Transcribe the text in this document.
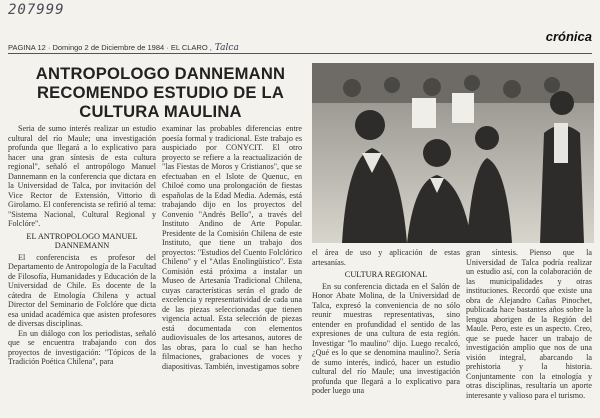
207999
PAGINA 12 · Domingo 2 de Diciembre de 1984 · EL CLARO , Talca
crónica
ANTROPOLOGO DANNEMANN RECOMENDO ESTUDIO DE LA CULTURA MAULINA

Seria de sumo interés realizar un estudio cultural del río Maule; una investigación profunda que llegará a lo explicativo para hacer una gran síntesis de esta cultura regional", señaló el antropólogo Manuel Dannemann en la conferencia que dictara en la Universidad de Talca, por invitación del Vice Rector de Extensión, Vittorio di Girolamo. El conferencista se refirió al tema: "Sistema Nacional, Cultural Regional y Folclóre".

EL ANTROPOLOGO MANUEL DANNEMANN

El conferencista es profesor del Departamento de Antropología de la Facultad de Filosofía, Humanidades y Educación de la Universidad de Chile. Es docente de la cátedra de Etnología Chilena y actual Director del Seminario de Folclóre que dicta esa unidad académica que asisten profesores de diversas disciplinas.

En un diálogo con los periodistas, señaló que se encuentra trabajando con dos proyectos de investigación: "Tópicos de la Tradición Poética Chilena", para

examinar las probables diferencias entre poesía formal y tradicional. Este trabajo es auspiciado por CONYCIT. El otro proyecto se refiere a la reactualización de "las Fiestas de Moros y Cristianos", que se efectuaban en el Islote de Quenuc, en Chiloé como una prolongación de fiestas españolas de la Edad Media. Además, está trabajando dijo en los proyectos del Convenio "Andrés Bello", a través del Instituto Andino de Arte Popular. Presidente de la Comisión Chilena de este Instituto, que tiene un trabajo dos proyectos: "Estudios del Cuento Folclórico Chileno" y el "Atlas Enolingüístico". Esta Comisión está próxima a instalar un Museo de Artesanía Tradicional Chilena, cuyas características serán el grado de excelencia y representatividad de cada una de las piezas seleccionadas que tienen vigencia actual. Esta selección de piezas está documentada con elementos audiovisuales de los artesanos, autores de las obras, para lo cual se han hecho filmaciones, grabaciones de voces y diapositivas. También, investigamos sobre

el área de uso y aplicación de estas artesanías.

CULTURA REGIONAL

En su conferencia dictada en el Salón de Honor Abate Molina, de la Universidad de Talca, expresó la conveniencia de no sólo reunir muestras representativas, sino entender en profundidad el sentido de las expresiones de una cultura de esta región. Investigar "lo maulino" dijo. Luego recalcó, ¿Qué es lo que se denomina maulino?. Sería de sumo interés, indicó, hacer un estudio cultural del río Maule; una investigación profunda que llegará a lo explicativo para poder luego una

gran síntesis. Pienso que la Universidad de Talca podría realizar un estudio así, con la colaboración de las municipalidades y otras instituciones. Recordó que existe una obra de Alejandro Cañas Pinochet, publicada hace bastantes años sobre la lengua aborigen de la Región del Maule. Pero, este es un aspecto. Creo, que se puede hacer un trabajo de investigación amplio que nos de una visión integral, abarcando la prehistoria y la historia. Conjuntamente con la etnología y otras disciplinas, resultaría un aporte interesante y valioso para el turismo.
